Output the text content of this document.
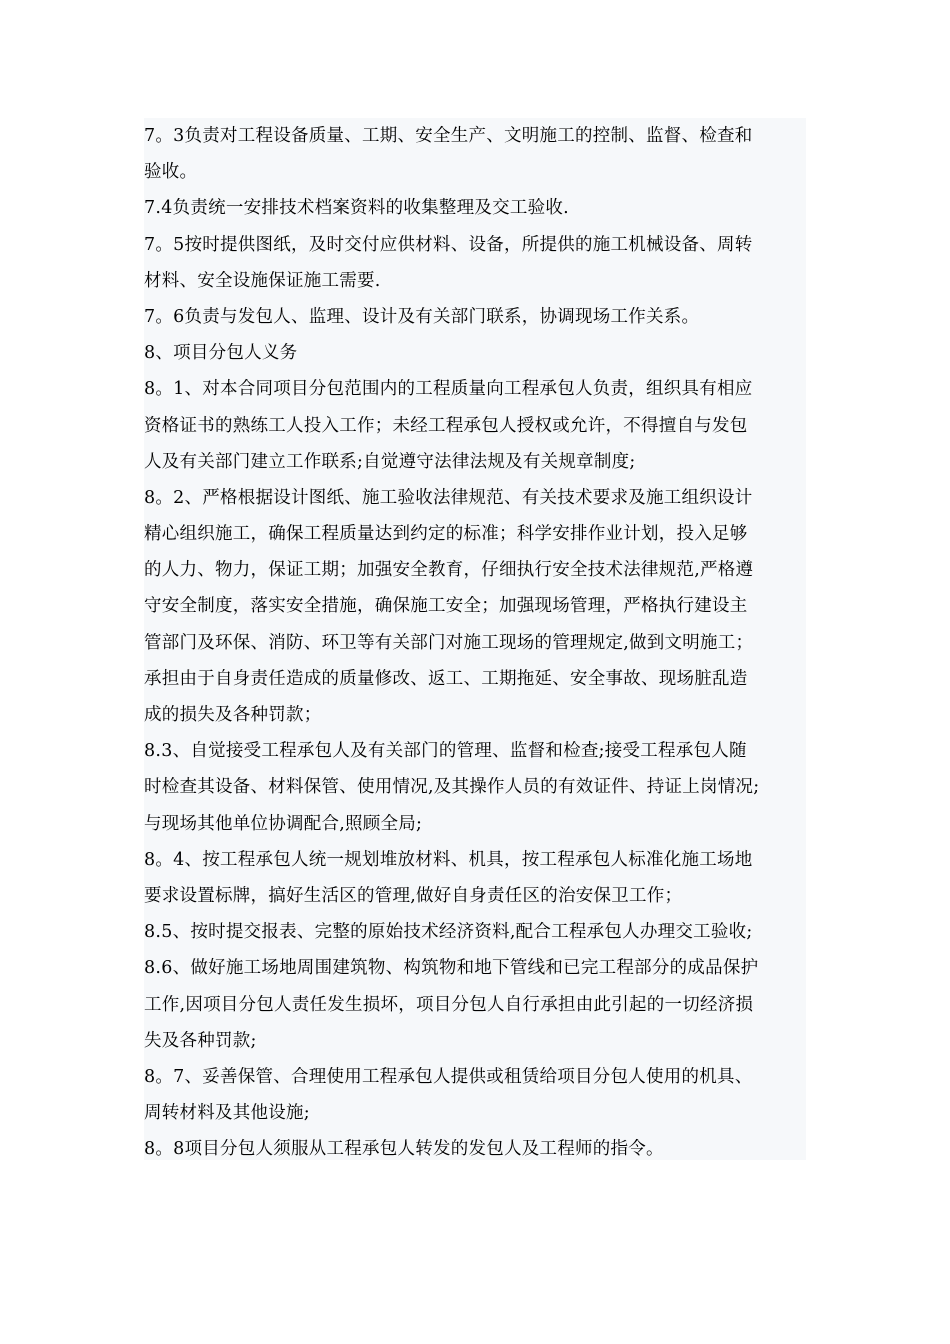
7。3负责对工程设备质量、工期、安全生产、文明施工的控制、监督、检查和
验收。
7.4负责统一安排技术档案资料的收集整理及交工验收.
7。5按时提供图纸，及时交付应供材料、设备，所提供的施工机械设备、周转
材料、安全设施保证施工需要.
7。6负责与发包人、监理、设计及有关部门联系，协调现场工作关系。
8、项目分包人义务
8。1、对本合同项目分包范围内的工程质量向工程承包人负责，组织具有相应
资格证书的熟练工人投入工作；未经工程承包人授权或允许，不得擅自与发包
人及有关部门建立工作联系;自觉遵守法律法规及有关规章制度;
8。2、严格根据设计图纸、施工验收法律规范、有关技术要求及施工组织设计
精心组织施工，确保工程质量达到约定的标准；科学安排作业计划，投入足够
的人力、物力，保证工期；加强安全教育，仔细执行安全技术法律规范,严格遵
守安全制度，落实安全措施，确保施工安全；加强现场管理，严格执行建设主
管部门及环保、消防、环卫等有关部门对施工现场的管理规定,做到文明施工；
承担由于自身责任造成的质量修改、返工、工期拖延、安全事故、现场脏乱造
成的损失及各种罚款；
8.3、自觉接受工程承包人及有关部门的管理、监督和检查;接受工程承包人随
时检查其设备、材料保管、使用情况,及其操作人员的有效证件、持证上岗情况;
与现场其他单位协调配合,照顾全局;
8。4、按工程承包人统一规划堆放材料、机具，按工程承包人标准化施工场地
要求设置标牌，搞好生活区的管理,做好自身责任区的治安保卫工作；
8.5、按时提交报表、完整的原始技术经济资料,配合工程承包人办理交工验收;
8.6、做好施工场地周围建筑物、构筑物和地下管线和已完工程部分的成品保护
工作,因项目分包人责任发生损坏，项目分包人自行承担由此引起的一切经济损
失及各种罚款;
8。7、妥善保管、合理使用工程承包人提供或租赁给项目分包人使用的机具、
周转材料及其他设施;
8。8项目分包人须服从工程承包人转发的发包人及工程师的指令。
